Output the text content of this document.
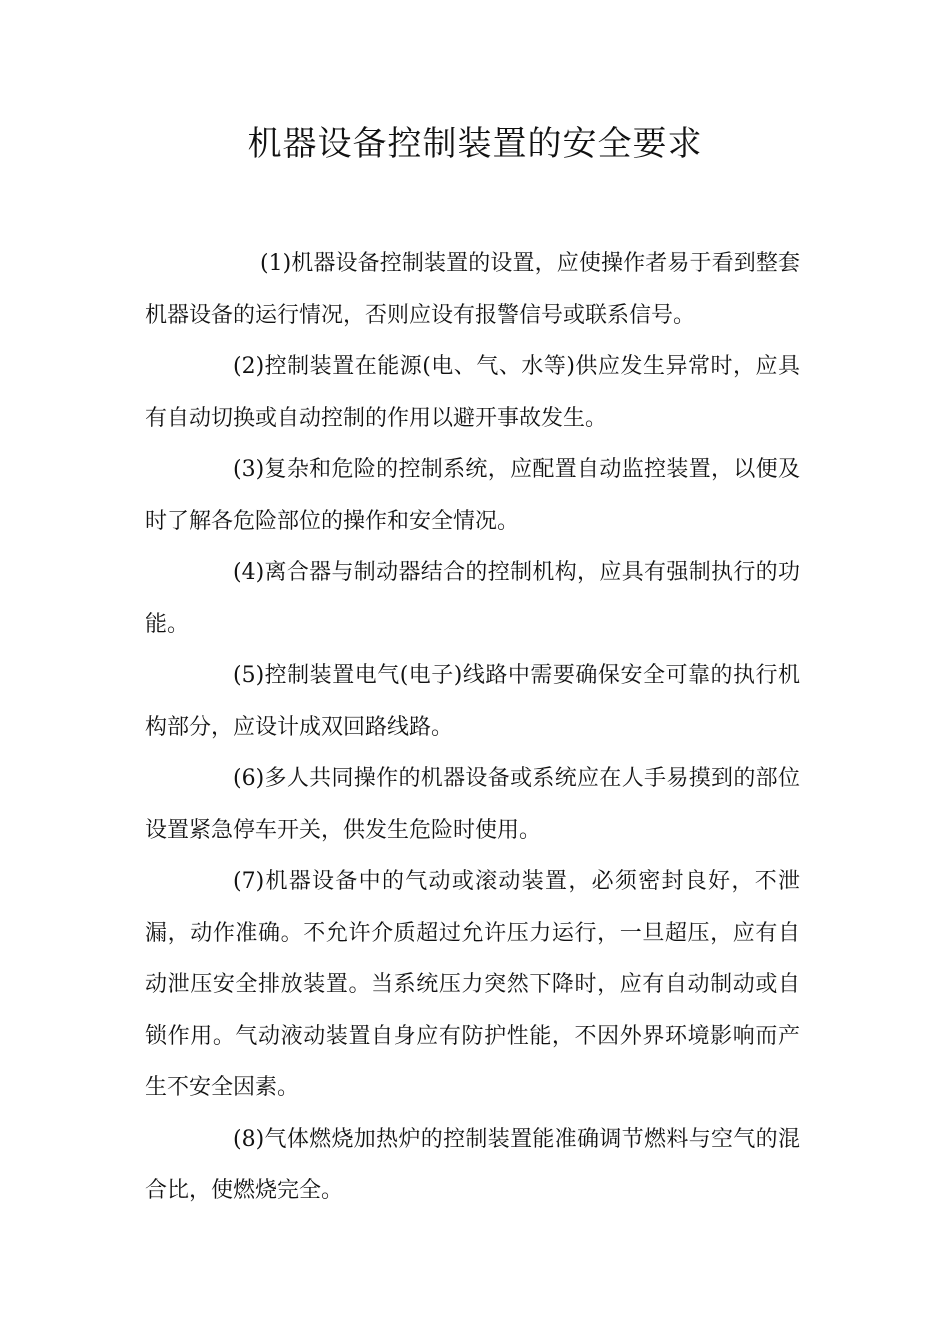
机器设备控制装置的安全要求

(1)机器设备控制装置的设置，应使操作者易于看到整套机器设备的运行情况，否则应设有报警信号或联系信号。

(2)控制装置在能源(电、气、水等)供应发生异常时，应具有自动切换或自动控制的作用以避开事故发生。

(3)复杂和危险的控制系统，应配置自动监控装置，以便及时了解各危险部位的操作和安全情况。

(4)离合器与制动器结合的控制机构，应具有强制执行的功能。

(5)控制装置电气(电子)线路中需要确保安全可靠的执行机构部分，应设计成双回路线路。

(6)多人共同操作的机器设备或系统应在人手易摸到的部位设置紧急停车开关，供发生危险时使用。

(7)机器设备中的气动或滚动装置，必须密封良好，不泄漏，动作准确。不允许介质超过允许压力运行，一旦超压，应有自动泄压安全排放装置。当系统压力突然下降时，应有自动制动或自锁作用。气动液动装置自身应有防护性能，不因外界环境影响而产生不安全因素。

(8)气体燃烧加热炉的控制装置能准确调节燃料与空气的混合比，使燃烧完全。
